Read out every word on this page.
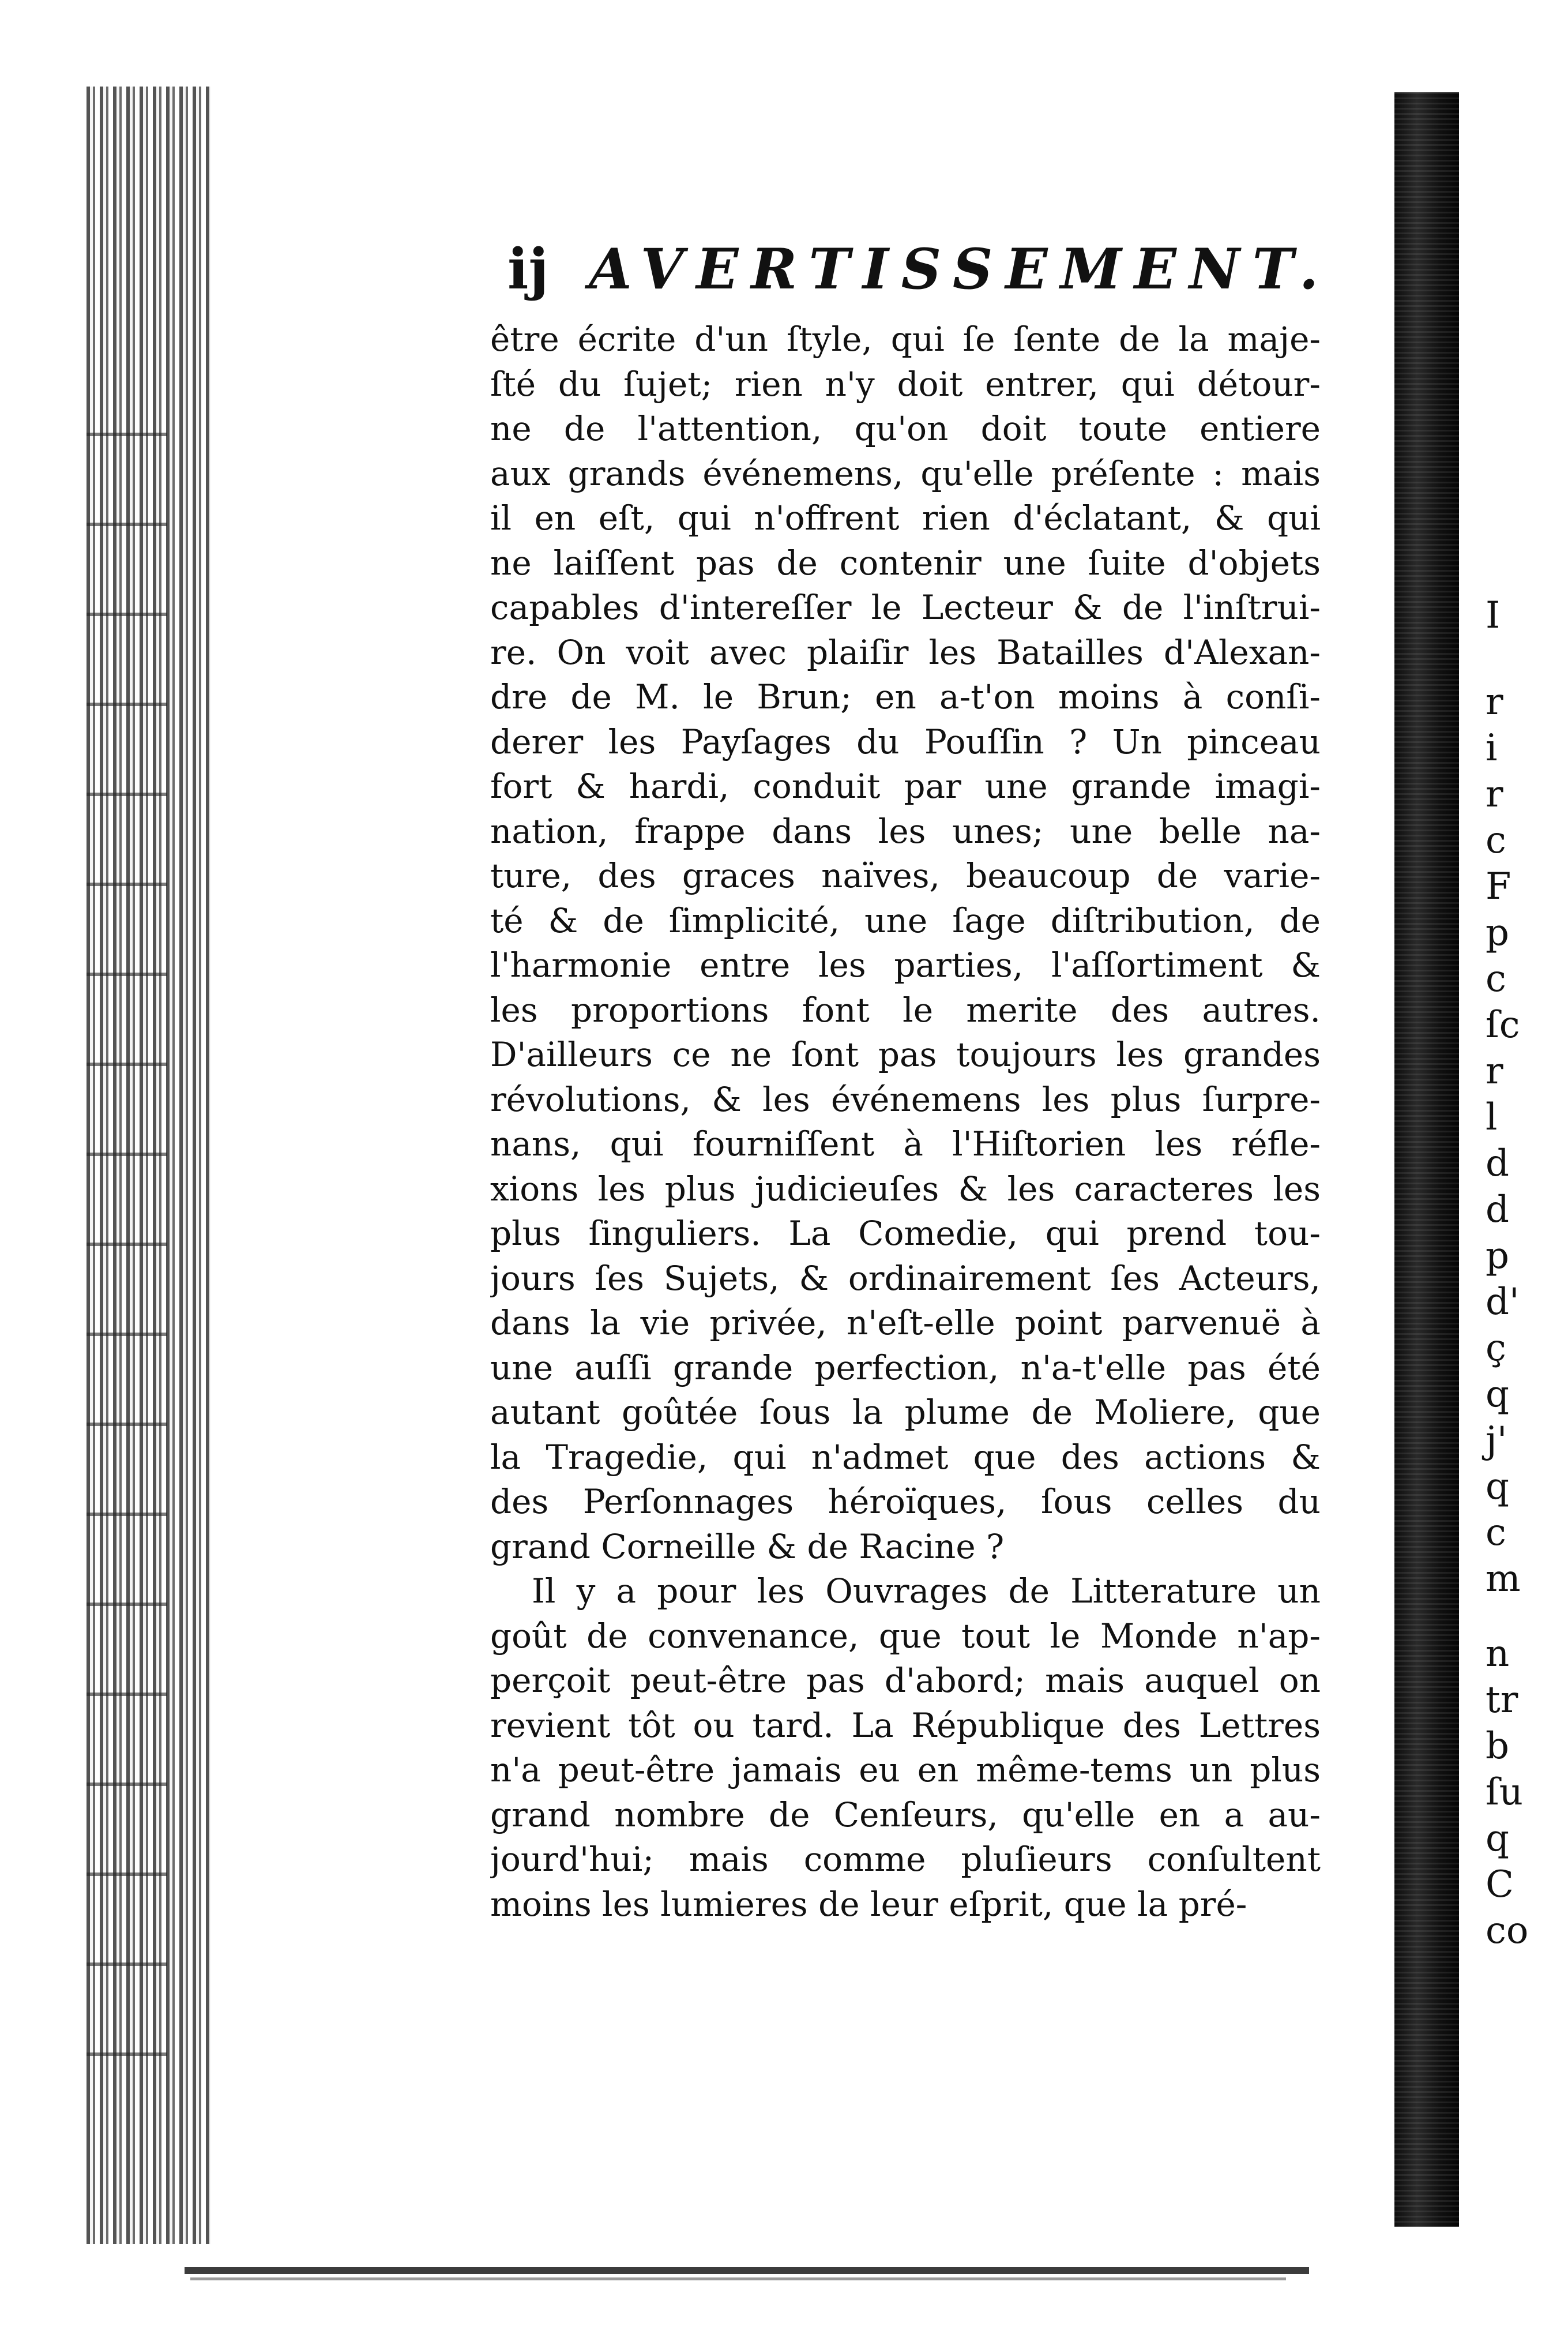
ij AVERTISSEMENT.
être écrite d'un ſtyle, qui ſe ſente de la maje-
ſté du ſujet; rien n'y doit entrer, qui détour-
ne de l'attention, qu'on doit toute entiere
aux grands événemens, qu'elle préſente : mais
il en eſt, qui n'offrent rien d'éclatant, & qui
ne laiſſent pas de contenir une ſuite d'objets
capables d'intereſſer le Lecteur & de l'inſtrui-
re. On voit avec plaiſir les Batailles d'Alexan-
dre de M. le Brun; en a-t'on moins à conſi-
derer les Payſages du Pouſſin ? Un pinceau
fort & hardi, conduit par une grande imagi-
nation, frappe dans les unes; une belle na-
ture, des graces naïves, beaucoup de varie-
té & de ſimplicité, une ſage diſtribution, de
l'harmonie entre les parties, l'aſſortiment &
les proportions font le merite des autres.
D'ailleurs ce ne ſont pas toujours les grandes
révolutions, & les événemens les plus ſurpre-
nans, qui fourniſſent à l'Hiſtorien les réfle-
xions les plus judicieuſes & les caracteres les
plus ſinguliers. La Comedie, qui prend tou-
jours ſes Sujets, & ordinairement ſes Acteurs,
dans la vie privée, n'eſt-elle point parvenuë à
une auſſi grande perfection, n'a-t'elle pas été
autant goûtée ſous la plume de Moliere, que
la Tragedie, qui n'admet que des actions &
des Perſonnages héroïques, ſous celles du
grand Corneille & de Racine ?
Il y a pour les Ouvrages de Litterature un
goût de convenance, que tout le Monde n'ap-
perçoit peut-être pas d'abord; mais auquel on
revient tôt ou tard. La République des Lettres
n'a peut-être jamais eu en même-tems un plus
grand nombre de Cenſeurs, qu'elle en a au-
jourd'hui; mais comme pluſieurs conſultent
moins les lumieres de leur eſprit, que la pré-
I
r
i
r
c
F
p
c
ſc
r
l
d
d
p
d'
ç
q
j'
q
c
m
n
tr
b
ſu
q
C
co
